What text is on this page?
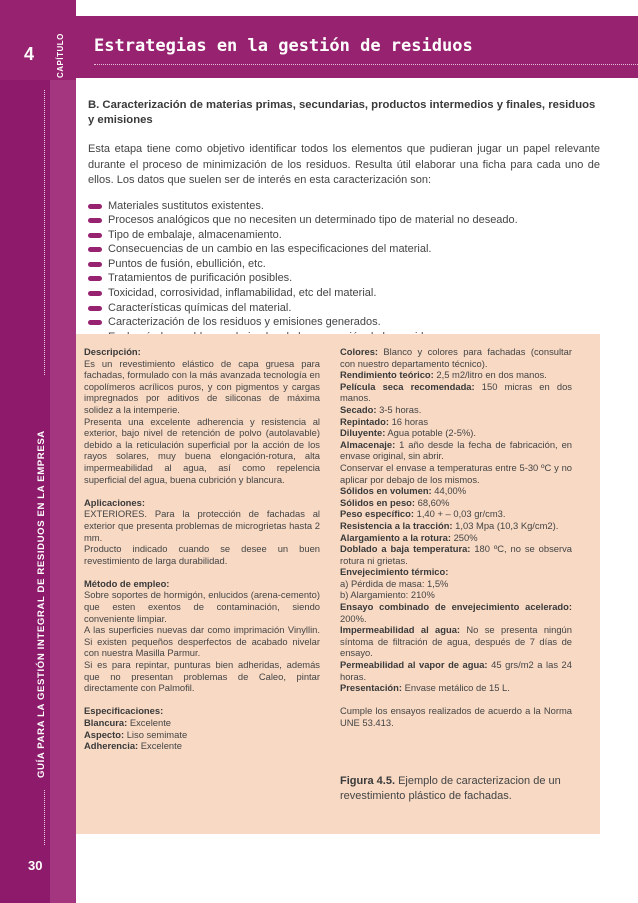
4	CAPÍTULO
GUÍA PARA LA GESTIÓN INTEGRAL DE RESIDUOS EN LA EMPRESA
30
Estrategias en la gestión de residuos
B. Caracterización de materias primas, secundarias, productos intermedios y finales, residuos y emisiones
Esta etapa tiene como objetivo identificar todos los elementos que pudieran jugar un papel relevante durante el proceso de minimización de los residuos. Resulta útil elaborar una ficha para cada uno de ellos. Los datos que suelen ser de interés en esta caracterización son:
Materiales sustitutos existentes.
Procesos analógicos que no necesiten un determinado tipo de material no deseado.
Tipo de embalaje, almacenamiento.
Consecuencias de un cambio en las especificaciones del material.
Puntos de fusión, ebullición, etc.
Tratamientos de purificación posibles.
Toxicidad, corrosividad, inflamabilidad, etc del material.
Características químicas del material.
Caracterización de los residuos y emisiones generados.

Descripción:

Es un revestimiento elástico de capa gruesa para fachadas, formulado con la más avanzada tecnología en copolímeros acrílicos puros, y con pigmentos y cargas impregnados por aditivos de siliconas de máxima solidez a la intemperie.

Presenta una excelente adherencia y resistencia al exterior, bajo nivel de retención de polvo (autolavable) debido a la reticulación superficial por la acción de los rayos solares, muy buena elongación-rotura, alta impermeabilidad al agua, así como repelencia superficial del agua, buena cubrición y blancura.

Aplicaciones:

EXTERIORES. Para la protección de fachadas al exterior que presenta problemas de microgrietas hasta 2 mm.

Producto indicado cuando se desee un buen revestimiento de larga durabilidad.

Método de empleo:

Sobre soportes de hormigón, enlucidos (arena-cemento) que esten exentos de contaminación, siendo conveniente limpiar.

A las superficies nuevas dar como imprimación Vinyllin. Si existen pequeños desperfectos de acabado nivelar con nuestra Masilla Parmur.

Si es para repintar, punturas bien adheridas, además que no presentan problemas de Caleo, pintar directamente con Palmofil.

Especificaciones:

Blancura: Excelente

Aspecto: Liso semimate

Adherencia: Excelente

Colores: Blanco y colores para fachadas (consultar con nuestro departamento técnico).

Rendimiento teórico: 2,5 m2/litro en dos manos.

Película seca recomendada: 150 micras en dos manos.

Secado: 3-5 horas.

Repintado: 16 horas

Diluyente: Agua potable (2-5%).

Almacenaje: 1 año desde la fecha de fabricación, en envase original, sin abrir.

Conservar el envase a temperaturas entre 5-30 ºC y no aplicar por debajo de los mismos.

Sólidos en volumen: 44,00%

Sólidos en peso: 68,60%

Peso específico: 1,40 + – 0,03 gr/cm3.

Resistencia a la tracción: 1,03 Mpa (10,3 Kg/cm2).

Alargamiento a la rotura: 250%

Doblado a baja temperatura: 180 ºC, no se observa rotura ni grietas.

Envejecimiento térmico:

a) Pérdida de masa: 1,5%

b) Alargamiento: 210%

Ensayo combinado de envejecimiento acelerado: 200%.

Impermeabilidad al agua: No se presenta ningún síntoma de filtración de agua, después de 7 días de ensayo.

Permeabilidad al vapor de agua: 45 grs/m2 a las 24 horas.

Presentación: Envase metálico de 15 L.

Cumple los ensayos realizados de acuerdo a la Norma UNE 53.413.

Figura 4.5. Ejemplo de caracterizacion de un revestimiento plástico de fachadas.
